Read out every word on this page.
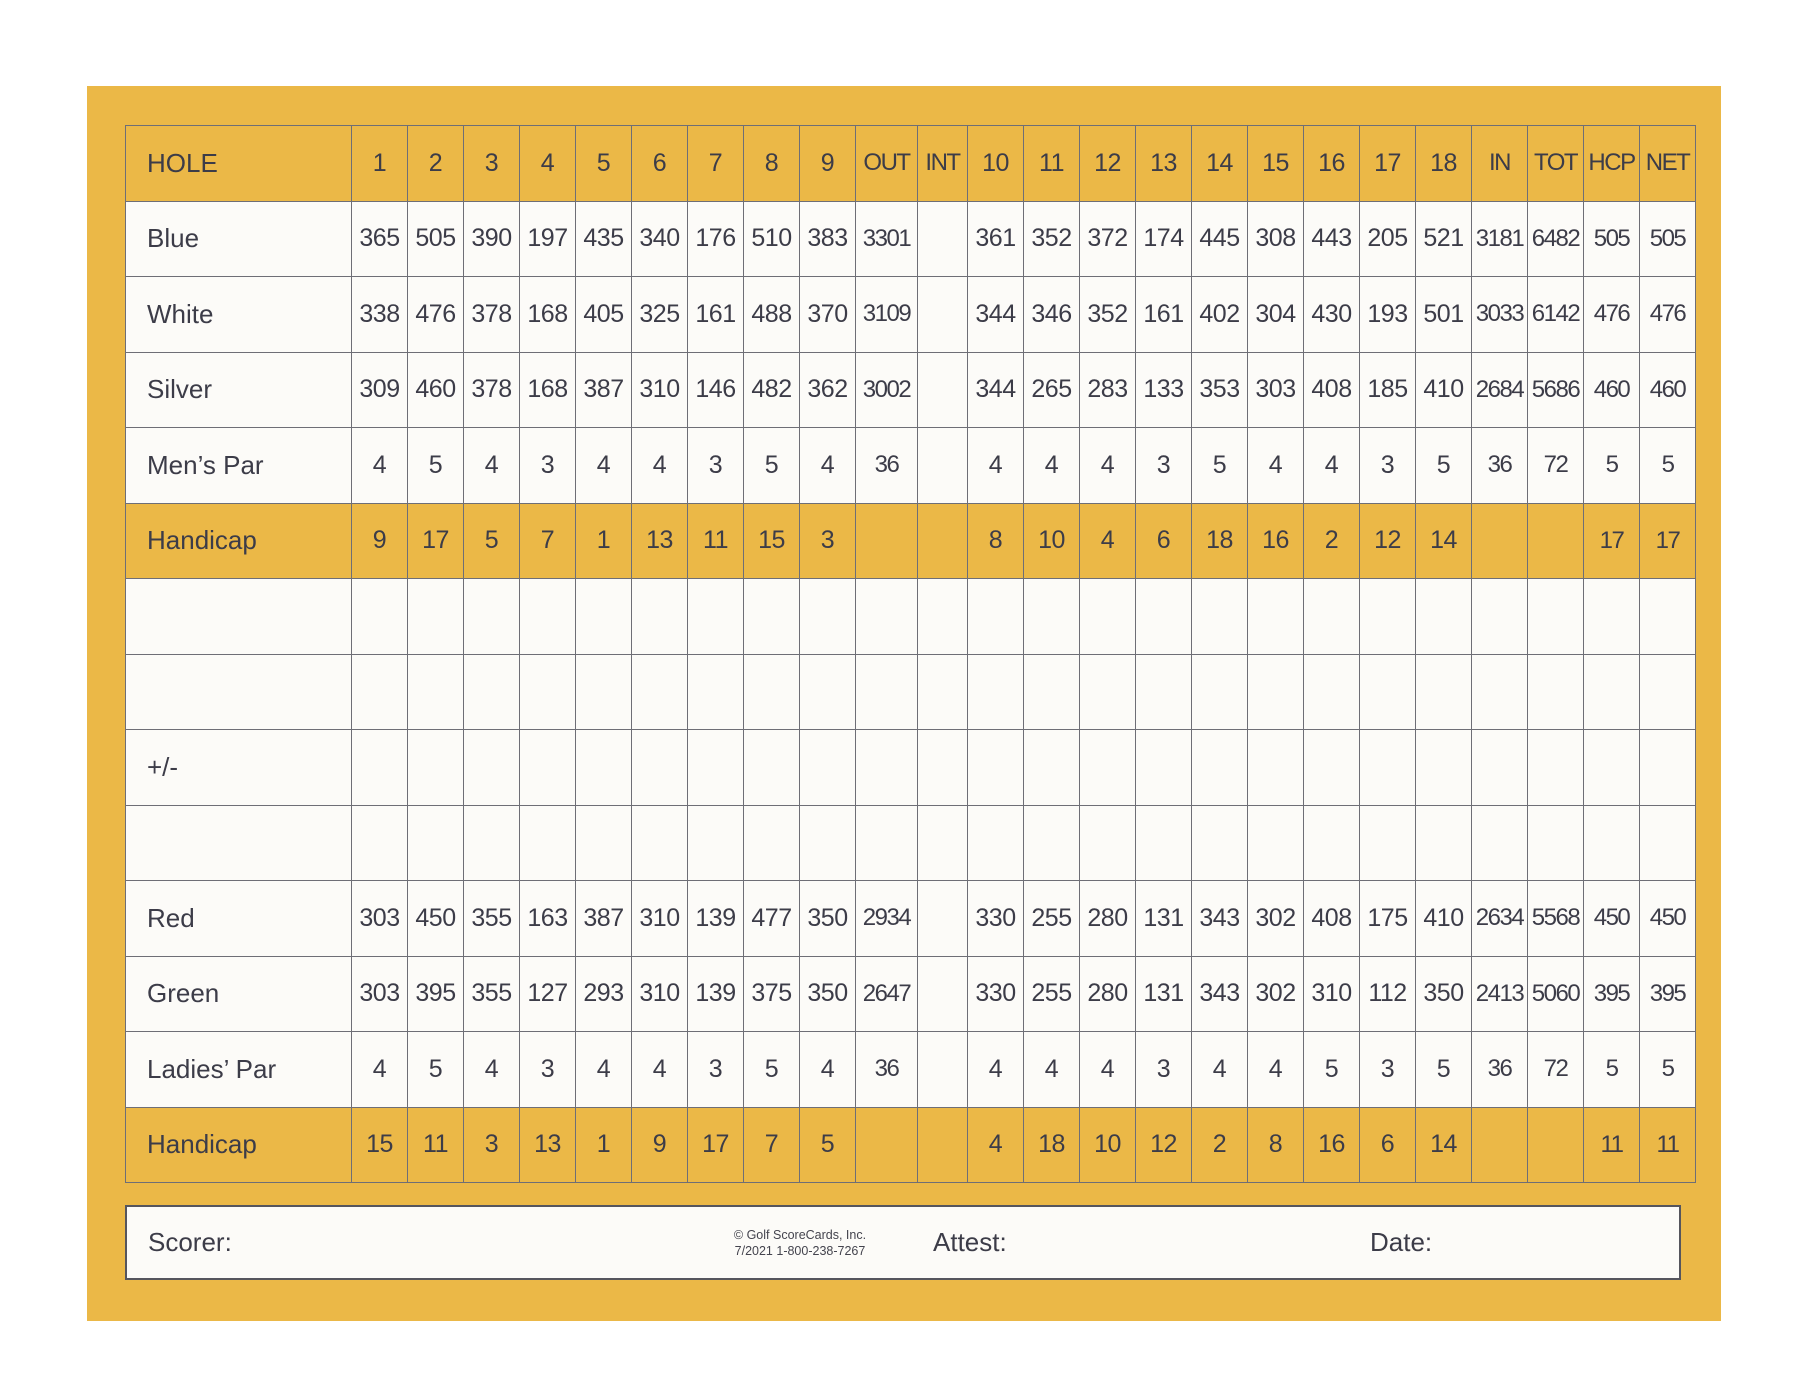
HOLE	1	2	3	4	5	6	7	8	9	OUT	INT	10	11	12	13	14	15	16	17	18	IN	TOT	HCP	NET
Blue	365	505	390	197	435	340	176	510	383	3301		361	352	372	174	445	308	443	205	521	3181	6482	505	505
White	338	476	378	168	405	325	161	488	370	3109		344	346	352	161	402	304	430	193	501	3033	6142	476	476
Silver	309	460	378	168	387	310	146	482	362	3002		344	265	283	133	353	303	408	185	410	2684	5686	460	460
Men’s Par	4	5	4	3	4	4	3	5	4	36		4	4	4	3	5	4	4	3	5	36	72	5	5
Handicap	9	17	5	7	1	13	11	15	3			8	10	4	6	18	16	2	12	14			17	17

+/-																								

Red	303	450	355	163	387	310	139	477	350	2934		330	255	280	131	343	302	408	175	410	2634	5568	450	450
Green	303	395	355	127	293	310	139	375	350	2647		330	255	280	131	343	302	310	112	350	2413	5060	395	395
Ladies’ Par	4	5	4	3	4	4	3	5	4	36		4	4	4	3	4	4	5	3	5	36	72	5	5
Handicap	15	11	3	13	1	9	17	7	5			4	18	10	12	2	8	16	6	14			11	11
Scorer:	© Golf ScoreCards, Inc.
7/2021 1-800-238-7267	Attest:	Date:
